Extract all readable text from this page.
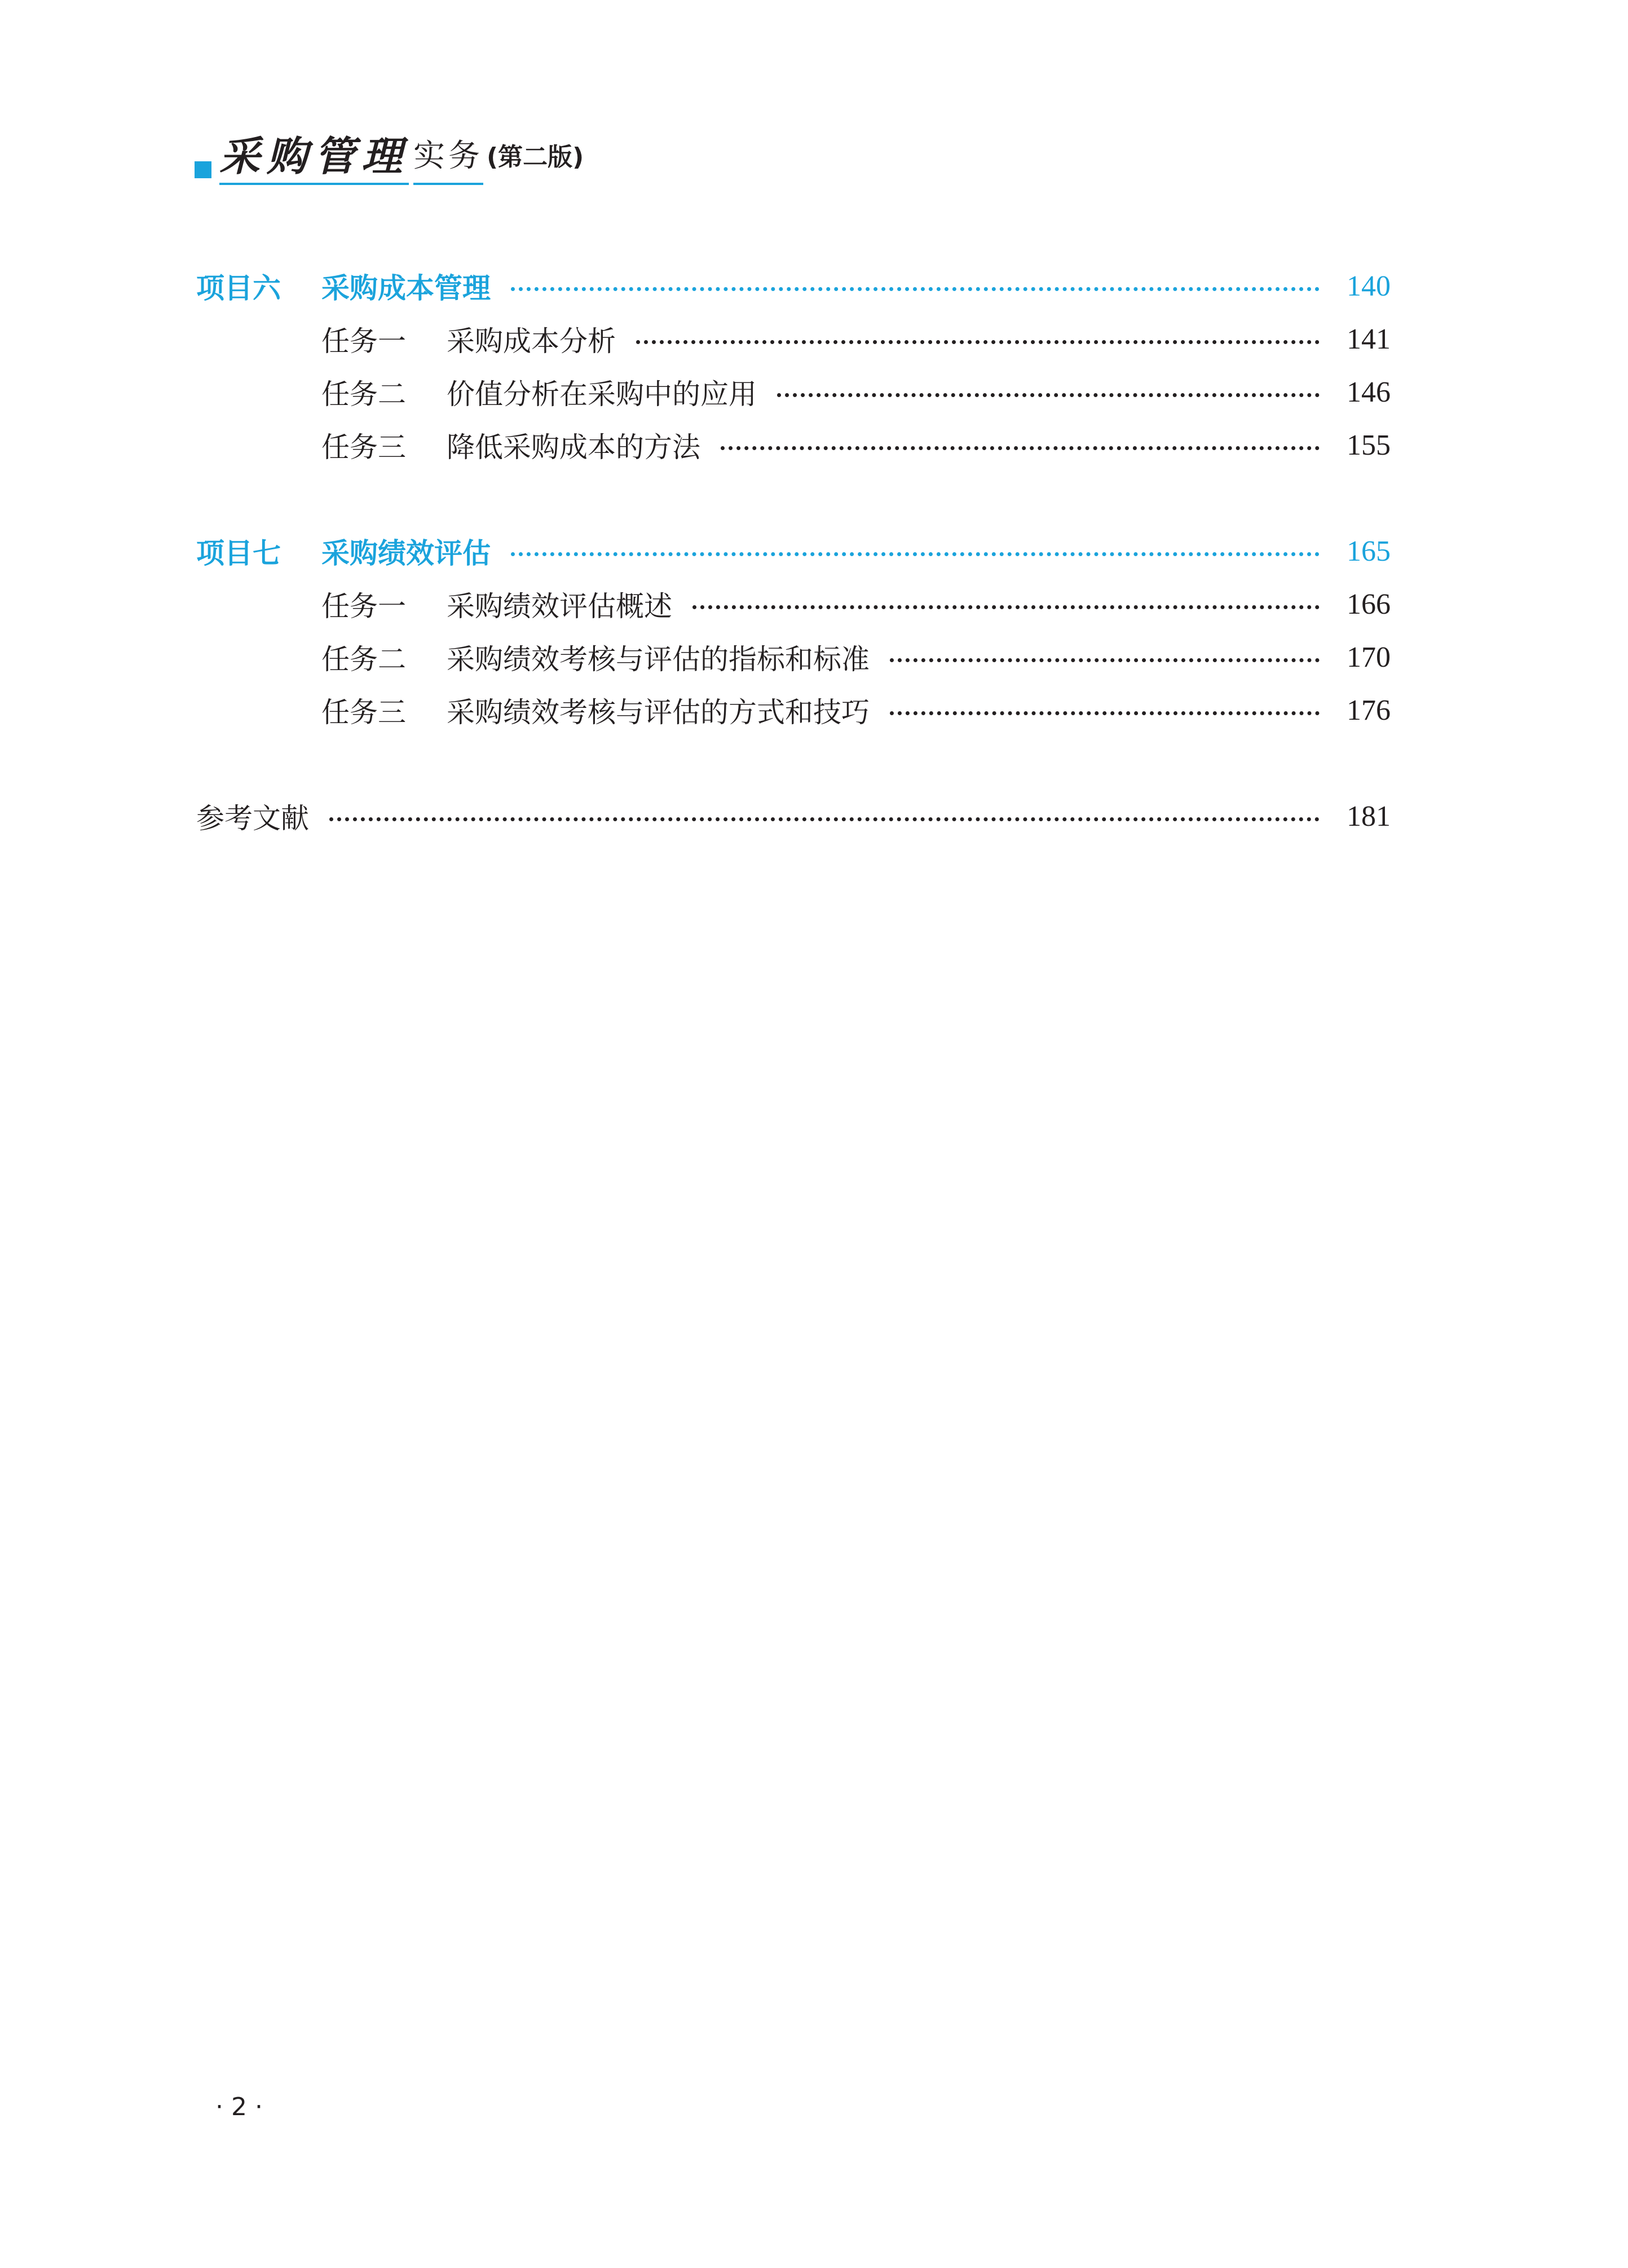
采购管理 实务 (第二版)
项目六	采购成本管理	140
任务一	采购成本分析	141
任务二	价值分析在采购中的应用	146
任务三	降低采购成本的方法	155
项目七	采购绩效评估	165
任务一	采购绩效评估概述	166
任务二	采购绩效考核与评估的指标和标准	170
任务三	采购绩效考核与评估的方式和技巧	176
参考文献	181
· 2 ·
